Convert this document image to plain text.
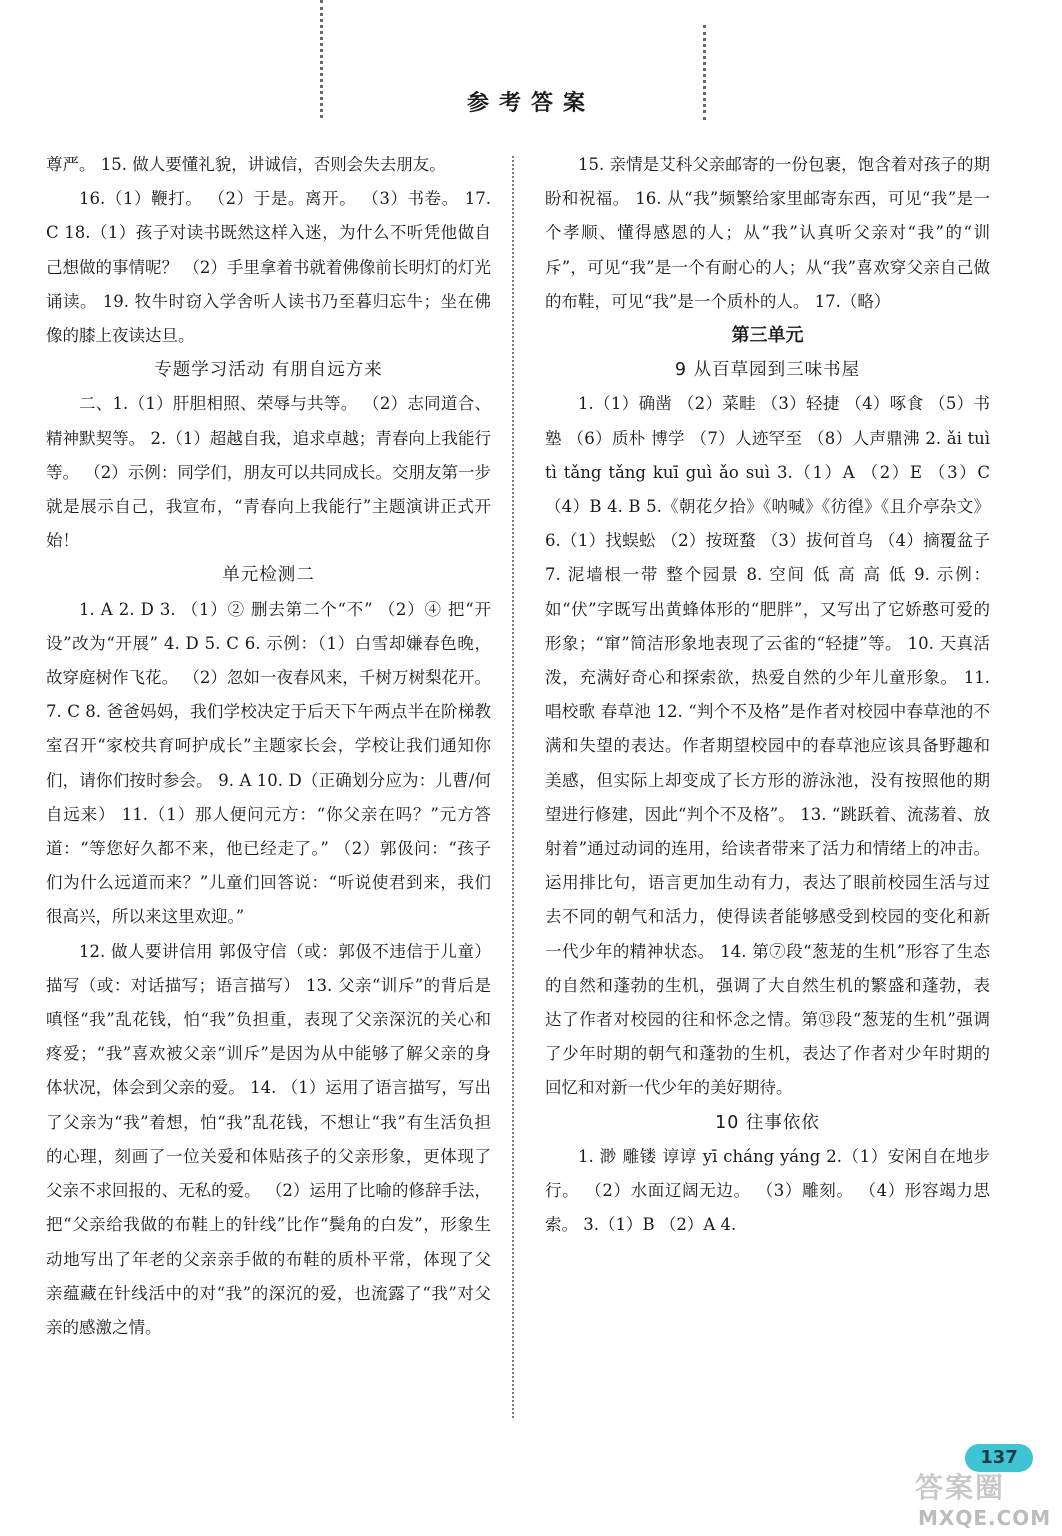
参考答案

尊严。 15. 做人要懂礼貌，讲诚信，否则会失去朋友。

16.（1）鞭打。 （2）于是。离开。 （3）书卷。 17. C 18.（1）孩子对读书既然这样入迷，为什么不听凭他做自己想做的事情呢？ （2）手里拿着书就着佛像前长明灯的灯光诵读。 19. 牧牛时窃入学舍听人读书乃至暮归忘牛；坐在佛像的膝上夜读达旦。

专题学习活动 有朋自远方来

二、1.（1）肝胆相照、荣辱与共等。 （2）志同道合、精神默契等。 2.（1）超越自我，追求卓越；青春向上我能行等。 （2）示例：同学们，朋友可以共同成长。交朋友第一步就是展示自己，我宣布，“青春向上我能行”主题演讲正式开始！

单元检测二

1. A 2. D 3. （1）② 删去第二个“不” （2）④ 把“开设”改为“开展” 4. D 5. C 6. 示例：（1）白雪却嫌春色晚，故穿庭树作飞花。 （2）忽如一夜春风来，千树万树梨花开。 7. C 8. 爸爸妈妈，我们学校决定于后天下午两点半在阶梯教室召开“家校共育呵护成长”主题家长会，学校让我们通知你们，请你们按时参会。 9. A 10. D（正确划分应为：儿曹/何自远来） 11.（1）那人便问元方：“你父亲在吗？”元方答道：“等您好久都不来，他已经走了。” （2）郭伋问：“孩子们为什么远道而来？”儿童们回答说：“听说使君到来，我们很高兴，所以来这里欢迎。”

12. 做人要讲信用 郭伋守信（或：郭伋不违信于儿童） 描写（或：对话描写；语言描写） 13. 父亲“训斥”的背后是嗔怪“我”乱花钱，怕“我”负担重，表现了父亲深沉的关心和疼爱；“我”喜欢被父亲“训斥”是因为从中能够了解父亲的身体状况，体会到父亲的爱。 14. （1）运用了语言描写，写出了父亲为“我”着想，怕“我”乱花钱，不想让“我”有生活负担的心理，刻画了一位关爱和体贴孩子的父亲形象，更体现了父亲不求回报的、无私的爱。 （2）运用了比喻的修辞手法，把“父亲给我做的布鞋上的针线”比作“鬓角的白发”，形象生动地写出了年老的父亲亲手做的布鞋的质朴平常，体现了父亲蕴藏在针线活中的对“我”的深沉的爱，也流露了“我”对父亲的感激之情。

15. 亲情是艾科父亲邮寄的一份包裹，饱含着对孩子的期盼和祝福。 16. 从“我”频繁给家里邮寄东西，可见“我”是一个孝顺、懂得感恩的人；从“我”认真听父亲对“我”的“训斥”，可见“我”是一个有耐心的人；从“我”喜欢穿父亲自己做的布鞋，可见“我”是一个质朴的人。 17.（略）

第三单元

9 从百草园到三味书屋

1.（1）确凿 （2）菜畦 （3）轻捷 （4）啄食 （5）书塾 （6）质朴 博学 （7）人迹罕至 （8）人声鼎沸 2. ǎi tuì tì tǎng tǎng kuī guì ǎo suì 3.（1）A （2）E （3）C （4）B 4. B 5.《朝花夕拾》《呐喊》《彷徨》《且介亭杂文》 6.（1）找蜈蚣 （2）按斑蝥 （3）拔何首乌 （4）摘覆盆子 7. 泥墙根一带 整个园景 8. 空间 低 高 高 低 9. 示例：如“伏”字既写出黄蜂体形的“肥胖”，又写出了它娇憨可爱的形象；“窜”简洁形象地表现了云雀的“轻捷”等。 10. 天真活泼，充满好奇心和探索欲，热爱自然的少年儿童形象。 11. 唱校歌 春草池 12. “判个不及格”是作者对校园中春草池的不满和失望的表达。作者期望校园中的春草池应该具备野趣和美感，但实际上却变成了长方形的游泳池，没有按照他的期望进行修建，因此“判个不及格”。 13. “跳跃着、流荡着、放射着”通过动词的连用，给读者带来了活力和情绪上的冲击。运用排比句，语言更加生动有力，表达了眼前校园生活与过去不同的朝气和活力，使得读者能够感受到校园的变化和新一代少年的精神状态。 14. 第⑦段“葱茏的生机”形容了生态的自然和蓬勃的生机，强调了大自然生机的繁盛和蓬勃，表达了作者对校园的往和怀念之情。第⑬段“葱茏的生机”强调了少年时期的朝气和蓬勃的生机，表达了作者对少年时期的回忆和对新一代少年的美好期待。

10 往事依依

1. 渺 雕镂 谆谆 yī cháng yáng 2.（1）安闲自在地步行。 （2）水面辽阔无边。 （3）雕刻。 （4）形容竭力思索。 3.（1）B （2）A 4.

137
答案圈
MXQE.COM
